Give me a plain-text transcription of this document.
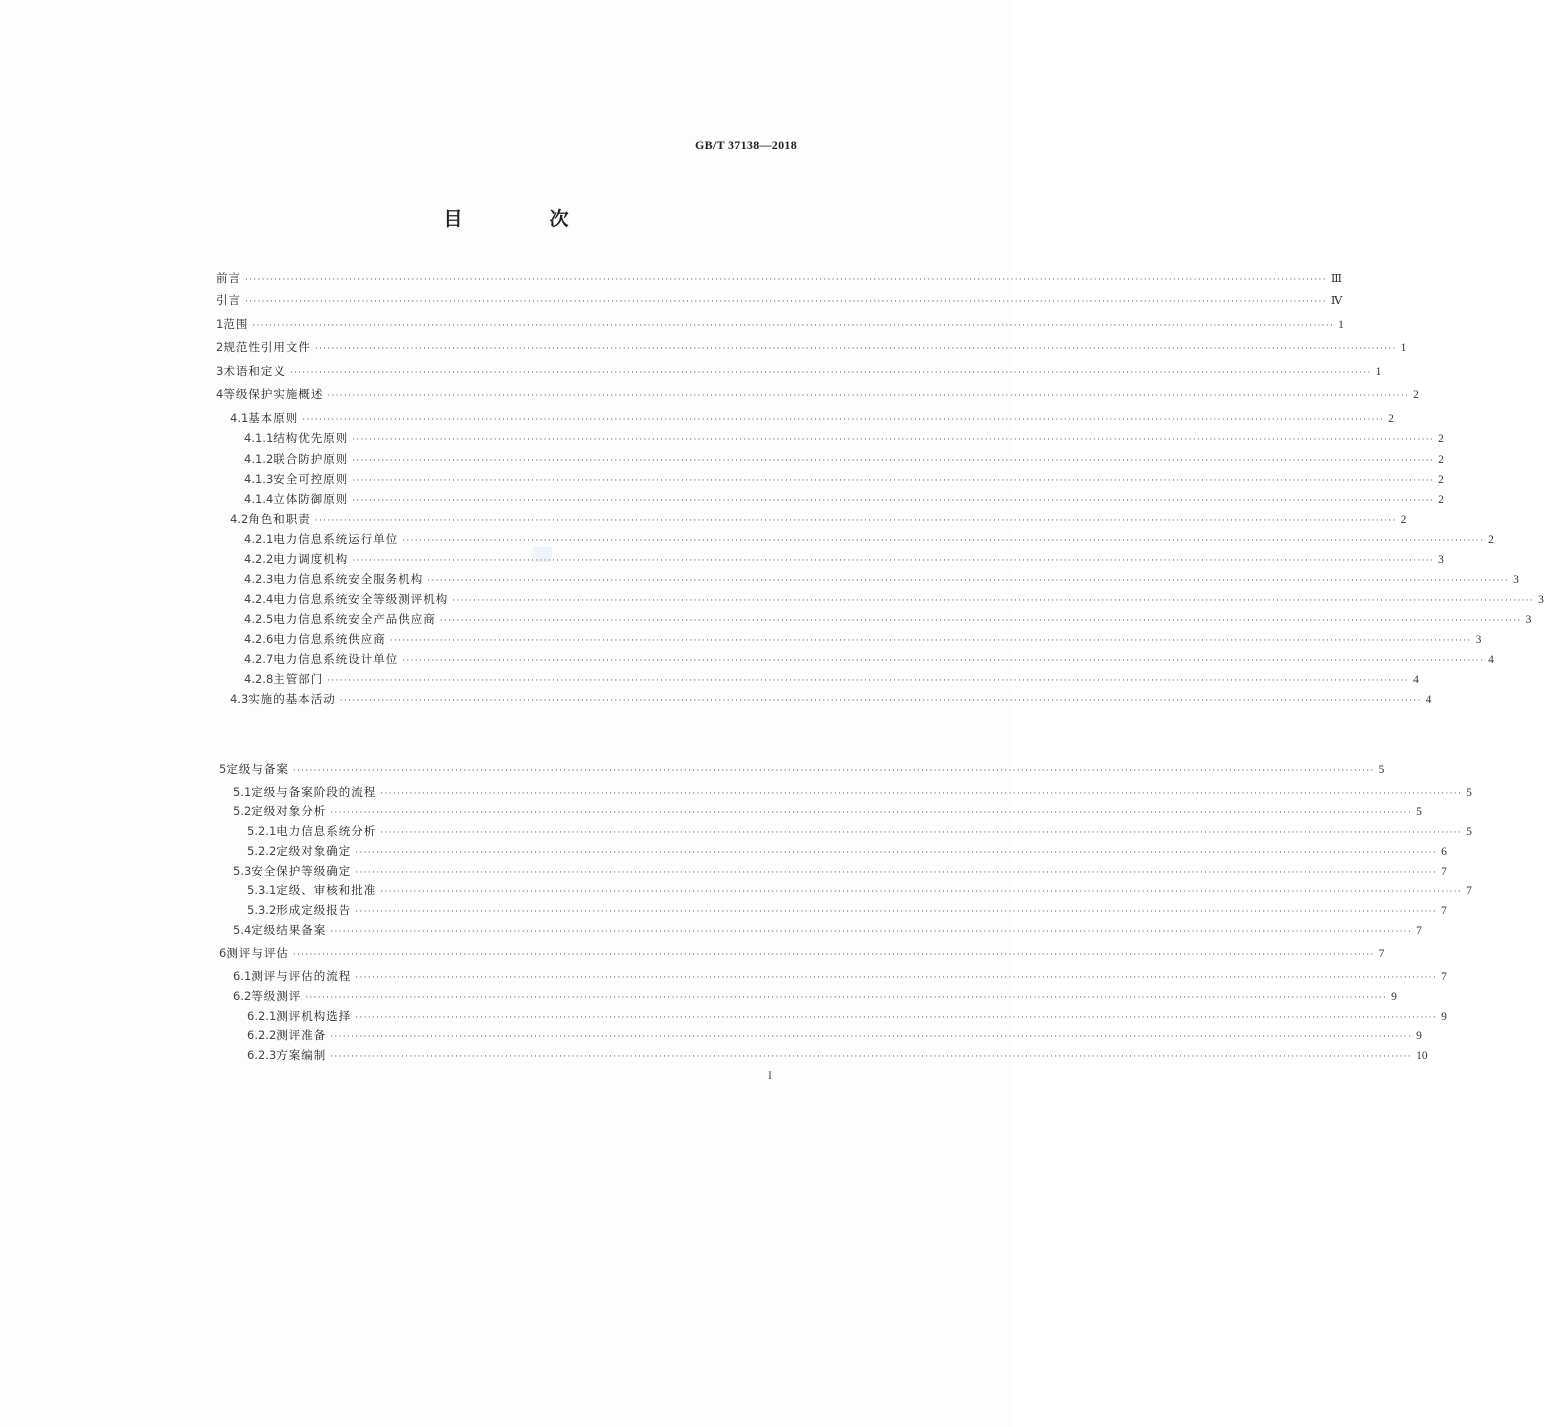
GB/T 37138—2018
目　次
前言 ···································································································································································································································································· Ⅲ
引言 ···································································································································································································································································· Ⅳ
1 范围 ···································································································································································································································································· 1
2 规范性引用文件 ···································································································································································································································································· 1
3 术语和定义 ···································································································································································································································································· 1
4 等级保护实施概述 ···································································································································································································································································· 2
4.1 基本原则 ···································································································································································································································································· 2
4.1.1 结构优先原则 ···································································································································································································································································· 2
4.1.2 联合防护原则 ···································································································································································································································································· 2
4.1.3 安全可控原则 ···································································································································································································································································· 2
4.1.4 立体防御原则 ···································································································································································································································································· 2
4.2 角色和职责 ···································································································································································································································································· 2
4.2.1 电力信息系统运行单位 ···································································································································································································································································· 2
4.2.2 电力调度机构 ···································································································································································································································································· 3
4.2.3 电力信息系统安全服务机构 ···································································································································································································································································· 3
4.2.4 电力信息系统安全等级测评机构 ···································································································································································································································································· 3
4.2.5 电力信息系统安全产品供应商 ···································································································································································································································································· 3
4.2.6 电力信息系统供应商 ···································································································································································································································································· 3
4.2.7 电力信息系统设计单位 ···································································································································································································································································· 4
4.2.8 主管部门 ···································································································································································································································································· 4
4.3 实施的基本活动 ···································································································································································································································································· 4
5 定级与备案 ···································································································································································································································································· 5
5.1 定级与备案阶段的流程 ···································································································································································································································································· 5
5.2 定级对象分析 ···································································································································································································································································· 5
5.2.1 电力信息系统分析 ···································································································································································································································································· 5
5.2.2 定级对象确定 ···································································································································································································································································· 6
5.3 安全保护等级确定 ···································································································································································································································································· 7
5.3.1 定级、审核和批准 ···································································································································································································································································· 7
5.3.2 形成定级报告 ···································································································································································································································································· 7
5.4 定级结果备案 ···································································································································································································································································· 7
6 测评与评估 ···································································································································································································································································· 7
6.1 测评与评估的流程 ···································································································································································································································································· 7
6.2 等级测评 ···································································································································································································································································· 9
6.2.1 测评机构选择 ···································································································································································································································································· 9
6.2.2 测评准备 ···································································································································································································································································· 9
6.2.3 方案编制 ···································································································································································································································································· 10
I
